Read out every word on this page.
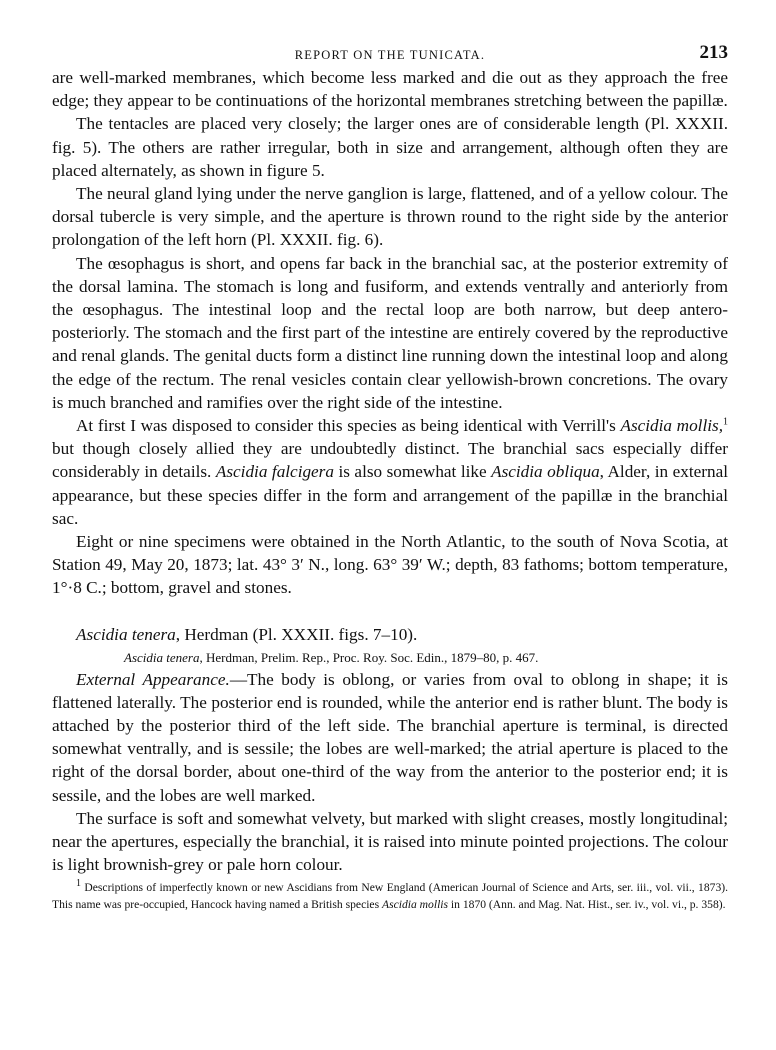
REPORT ON THE TUNICATA.	213

are well-marked membranes, which become less marked and die out as they approach the free edge; they appear to be continuations of the horizontal membranes stretching between the papillæ.

The tentacles are placed very closely; the larger ones are of considerable length (Pl. XXXII. fig. 5). The others are rather irregular, both in size and arrangement, although often they are placed alternately, as shown in figure 5.

The neural gland lying under the nerve ganglion is large, flattened, and of a yellow colour. The dorsal tubercle is very simple, and the aperture is thrown round to the right side by the anterior prolongation of the left horn (Pl. XXXII. fig. 6).

The œsophagus is short, and opens far back in the branchial sac, at the posterior extremity of the dorsal lamina. The stomach is long and fusiform, and extends ventrally and anteriorly from the œsophagus. The intestinal loop and the rectal loop are both narrow, but deep antero-posteriorly. The stomach and the first part of the intestine are entirely covered by the reproductive and renal glands. The genital ducts form a distinct line running down the intestinal loop and along the edge of the rectum. The renal vesicles contain clear yellowish-brown concretions. The ovary is much branched and ramifies over the right side of the intestine.

At first I was disposed to consider this species as being identical with Verrill's Ascidia mollis,$^1$ but though closely allied they are undoubtedly distinct. The branchial sacs especially differ considerably in details. Ascidia falcigera is also somewhat like Ascidia obliqua, Alder, in external appearance, but these species differ in the form and arrangement of the papillæ in the branchial sac.

Eight or nine specimens were obtained in the North Atlantic, to the south of Nova Scotia, at Station 49, May 20, 1873; lat. 43° 3′ N., long. 63° 39′ W.; depth, 83 fathoms; bottom temperature, 1°·8 C.; bottom, gravel and stones.

Ascidia tenera, Herdman (Pl. XXXII. figs. 7–10).
Ascidia tenera, Herdman, Prelim. Rep., Proc. Roy. Soc. Edin., 1879–80, p. 467.

External Appearance.—The body is oblong, or varies from oval to oblong in shape; it is flattened laterally. The posterior end is rounded, while the anterior end is rather blunt. The body is attached by the posterior third of the left side. The branchial aperture is terminal, is directed somewhat ventrally, and is sessile; the lobes are well-marked; the atrial aperture is placed to the right of the dorsal border, about one-third of the way from the anterior to the posterior end; it is sessile, and the lobes are well marked.

The surface is soft and somewhat velvety, but marked with slight creases, mostly longitudinal; near the apertures, especially the branchial, it is raised into minute pointed projections. The colour is light brownish-grey or pale horn colour.

$^1$ Descriptions of imperfectly known or new Ascidians from New England (American Journal of Science and Arts, ser. iii., vol. vii., 1873). This name was pre-occupied, Hancock having named a British species Ascidia mollis in 1870 (Ann. and Mag. Nat. Hist., ser. iv., vol. vi., p. 358).
